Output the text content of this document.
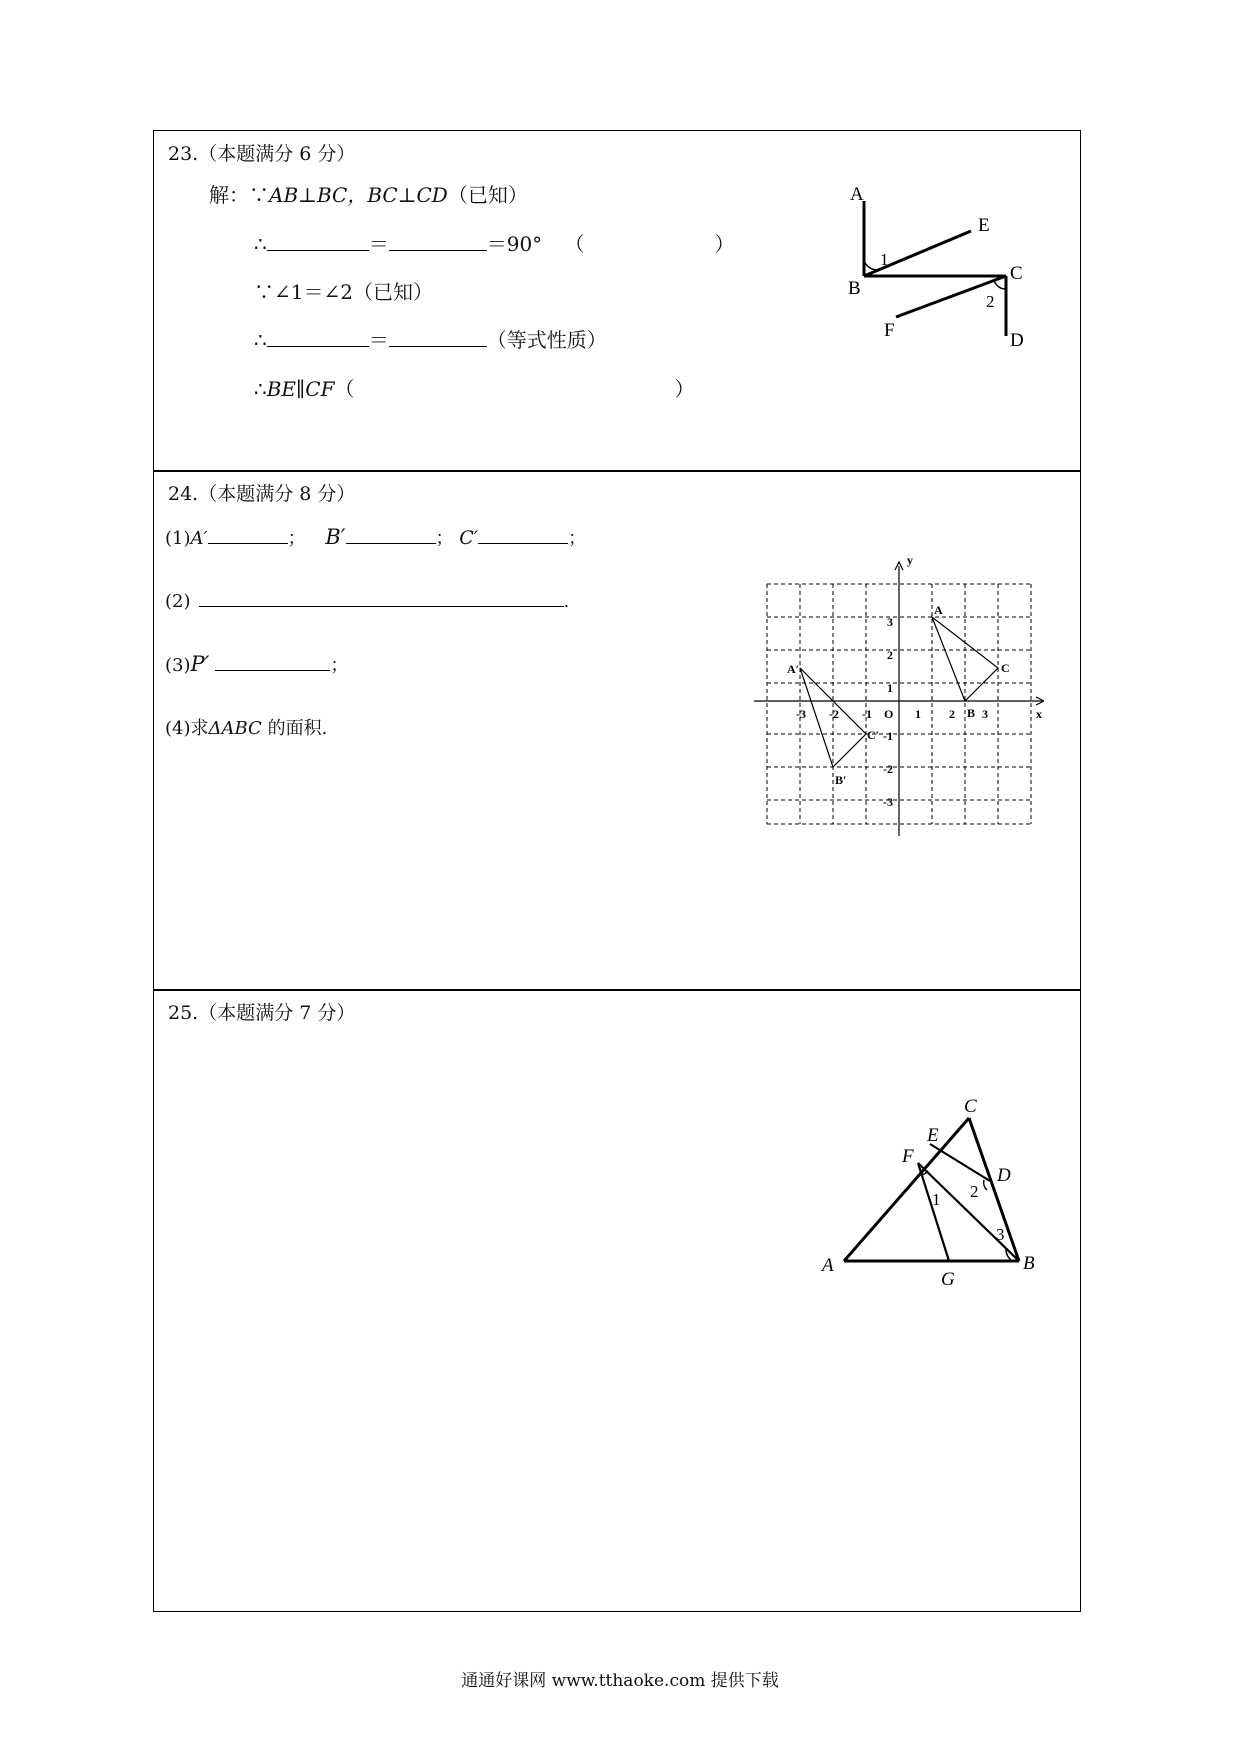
23.（本题满分 6 分）
解：∵AB⊥BC，BC⊥CD（已知）
∴	＝	＝90° （	）
∵∠1＝∠2（已知）
∴	＝	（等式性质）
∴BE∥CF（	）
A
E
B
C
F	D
1
2
24.（本题满分 8 分）
(1)A′	； B′	； C′	；
(2)	.
(3)P′	；
(4)求ΔABC 的面积.
y
x
O
A
B
C
A′
B′
C′
-3 -2 -1	1 2 3
3
2
1
-1
-2
-3
25.（本题满分 7 分）
C
E
F
D
A
G
B
1 2
3
通通好课网 www.tthaoke.com 提供下载
